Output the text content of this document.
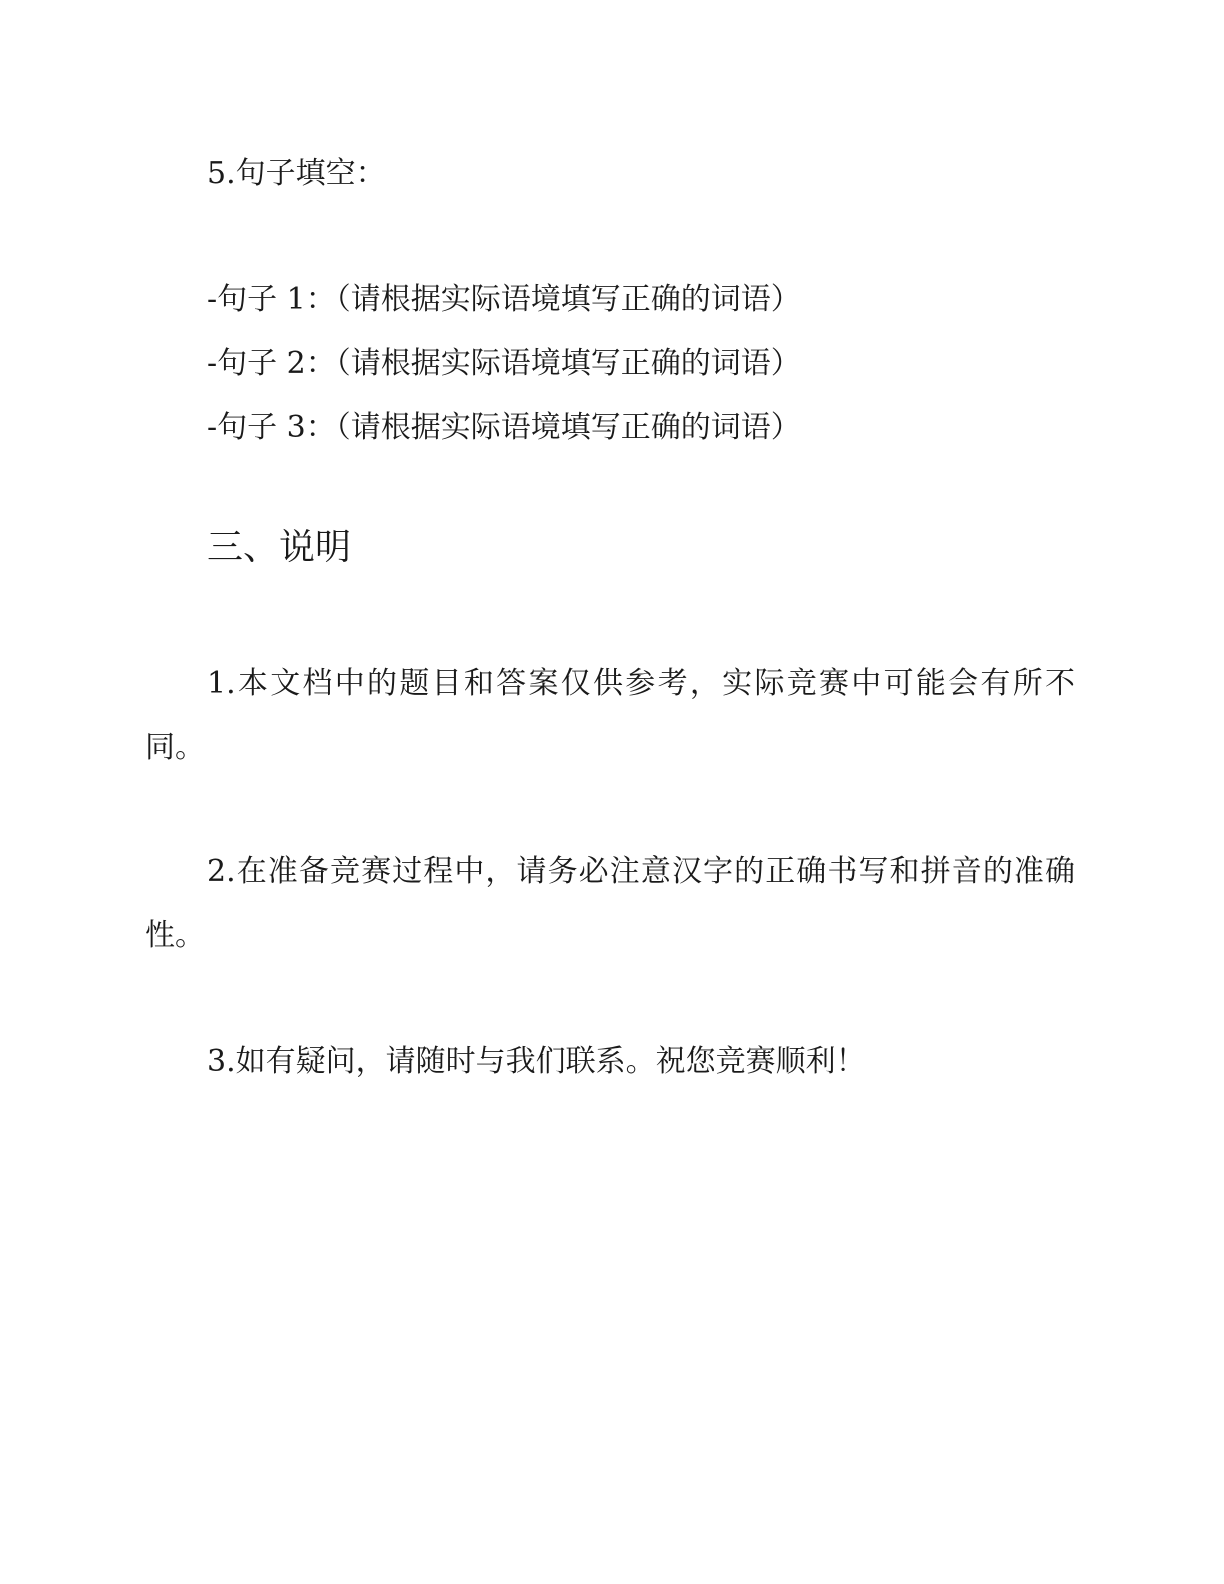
5.句子填空：
-句子 1：（请根据实际语境填写正确的词语）
-句子 2：（请根据实际语境填写正确的词语）
-句子 3：（请根据实际语境填写正确的词语）
三、说明
1.本文档中的题目和答案仅供参考，实际竞赛中可能会有所不同。
2.在准备竞赛过程中，请务必注意汉字的正确书写和拼音的准确性。
3.如有疑问，请随时与我们联系。祝您竞赛顺利！
